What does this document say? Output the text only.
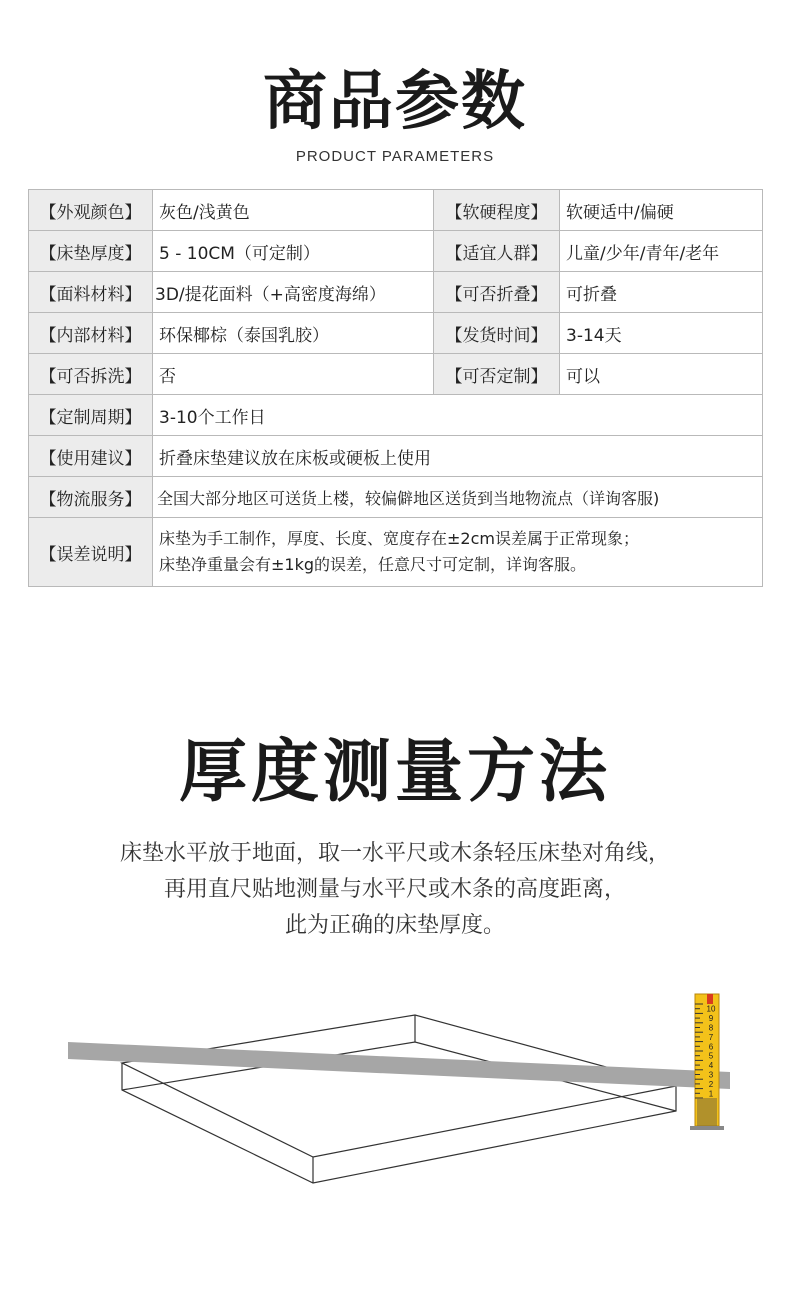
商品参数
PRODUCT PARAMETERS
【外观颜色】	灰色/浅黄色	【软硬程度】	软硬适中/偏硬
【床垫厚度】	5 - 10CM（可定制）	【适宜人群】	儿童/少年/青年/老年
【面料材料】	3D/提花面料（+高密度海绵）	【可否折叠】	可折叠
【内部材料】	环保椰棕（泰国乳胶）	【发货时间】	3-14天
【可否拆洗】	否	【可否定制】	可以
【定制周期】	3-10个工作日		
【使用建议】	折叠床垫建议放在床板或硬板上使用		
【物流服务】	全国大部分地区可送货上楼，较偏僻地区送货到当地物流点（详询客服)		
【误差说明】	床垫为手工制作，厚度、长度、宽度存在±2cm误差属于正常现象；
床垫净重量会有±1kg的误差，任意尺寸可定制，详询客服。		
厚度测量方法
床垫水平放于地面，取一水平尺或木条轻压床垫对角线，
再用直尺贴地测量与水平尺或木条的高度距离，
此为正确的床垫厚度。
1
2
3
4
5
6
7
8
9
10
